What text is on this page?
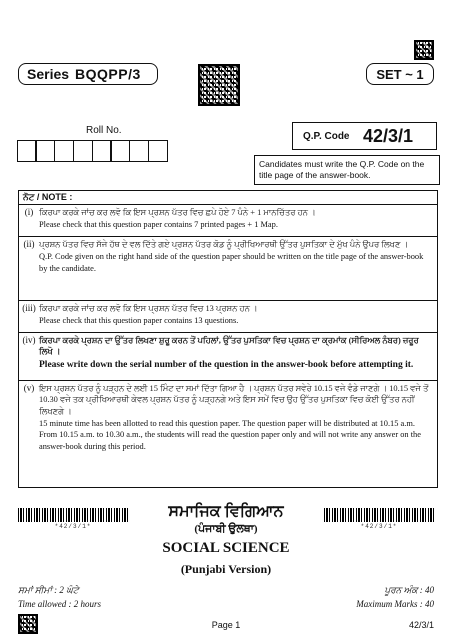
Series BQQPP/3	SET ~ 1
Q.P. Code 42/3/1
Roll No.
Candidates must write the Q.P. Code on the title page of the answer-book.
ਨੋਟ / NOTE :
(i) ਕਿਰਪਾ ਕਰਕੇ ਜਾਂਚ ਕਰ ਲਵੋ ਕਿ ਇਸ ਪ੍ਰਸ਼ਨ ਪੱਤਰ ਵਿਚ ਛਪੇ ਹੋਏ 7 ਪੰਨੇ + 1 ਮਾਨਚਿੱਤਰ ਹਨ ।
Please check that this question paper contains 7 printed pages + 1 Map.
(ii) ਪ੍ਰਸ਼ਨ ਪੱਤਰ ਵਿਚ ਸੱਜੇ ਹੱਥ ਦੇ ਵਲ ਦਿੱਤੇ ਗਏ ਪ੍ਰਸ਼ਨ ਪੱਤਰ ਕੋਡ ਨੂੰ ਪ੍ਰੀਖਿਆਰਥੀ ਉੱਤਰ ਪੁਸਤਿਕਾ ਦੇ ਮੁੱਖ ਪੰਨੇ ਉਪਰ ਲਿਖਣ ।
Q.P. Code given on the right hand side of the question paper should be written on the title page of the answer-book by the candidate.
(iii) ਕਿਰਪਾ ਕਰਕੇ ਜਾਂਚ ਕਰ ਲਵੋ ਕਿ ਇਸ ਪ੍ਰਸ਼ਨ ਪੱਤਰ ਵਿਚ 13 ਪ੍ਰਸ਼ਨ ਹਨ ।
Please check that this question paper contains 13 questions.
(iv) ਕਿਰਪਾ ਕਰਕੇ ਪ੍ਰਸ਼ਨ ਦਾ ਉੱਤਰ ਲਿਖਣਾ ਸ਼ੁਰੂ ਕਰਨ ਤੋਂ ਪਹਿਲਾਂ, ਉੱਤਰ ਪੁਸਤਿਕਾ ਵਿਚ ਪ੍ਰਸ਼ਨ ਦਾ ਕ੍ਰਮਾਂਕ (ਸੀਰਿਅਲ ਨੰਬਰ) ਜ਼ਰੂਰ ਲਿਖੋ ।
Please write down the serial number of the question in the answer-book before attempting it.
(v) ਇਸ ਪ੍ਰਸ਼ਨ ਪੱਤਰ ਨੂੰ ਪੜ੍ਹਨ ਦੇ ਲਈ 15 ਮਿੰਟ ਦਾ ਸਮਾਂ ਦਿੱਤਾ ਗਿਆ ਹੈ । ਪ੍ਰਸ਼ਨ ਪੱਤਰ ਸਵੇਰੇ 10.15 ਵਜੇ ਵੰਡੇ ਜਾਣਗੇ । 10.15 ਵਜੇ ਤੋਂ 10.30 ਵਜੇ ਤਕ ਪ੍ਰੀਖਿਆਰਥੀ ਕੇਵਲ ਪ੍ਰਸ਼ਨ ਪੱਤਰ ਨੂੰ ਪੜ੍ਹਨਗੇ ਅਤੇ ਇਸ ਸਮੇਂ ਵਿਚ ਉਹ ਉੱਤਰ ਪੁਸਤਿਕਾ ਵਿਚ ਕੋਈ ਉੱਤਰ ਨਹੀਂ ਲਿਖਣਗੇ ।
15 minute time has been allotted to read this question paper. The question paper will be distributed at 10.15 a.m. From 10.15 a.m. to 10.30 a.m., the students will read the question paper only and will not write any answer on the answer-book during this period.
*42/3/1*	*42/3/1*
ਸਮਾਜਿਕ ਵਿਗਿਆਨ
(ਪੰਜਾਬੀ ਉਲਥਾ)
SOCIAL SCIENCE
(Punjabi Version)
ਸਮਾਂ ਸੀਮਾਂ : 2 ਘੰਟੇ
Time allowed : 2 hours
ਪੂਰਨ ਅੰਕ : 40
Maximum Marks : 40
Page 1	42/3/1
